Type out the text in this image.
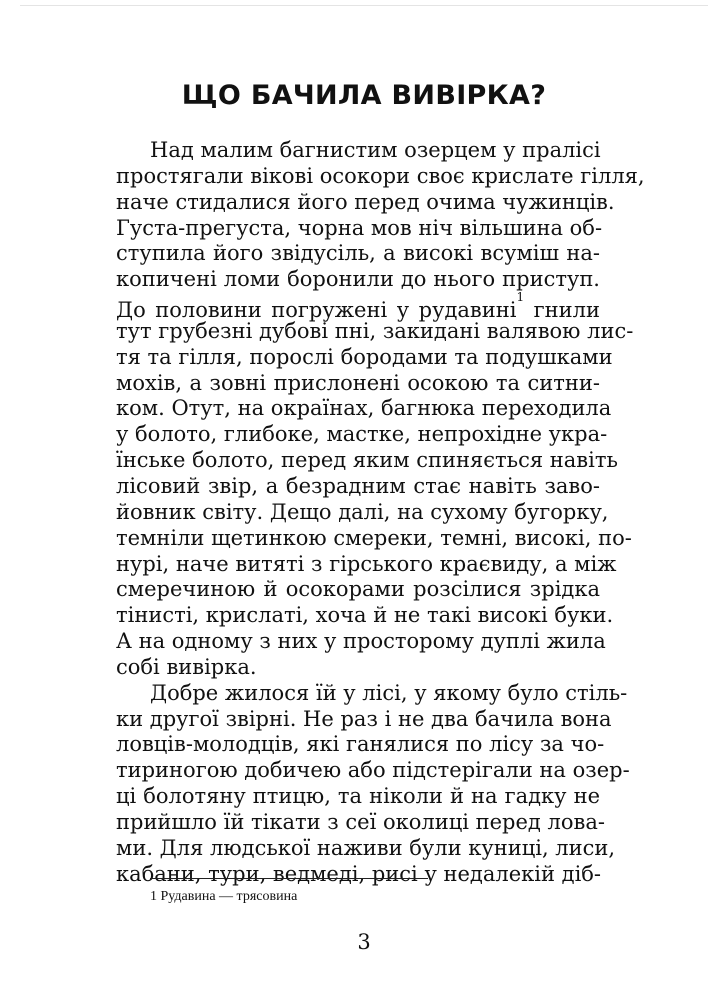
ЩО БАЧИЛА ВИВІРКА?
Над малим багнистим озерцем у пралісі
простягали вікові осокори своє крислате гілля,
наче стидалися його перед очима чужинців.
Густа-прегуста, чорна мов ніч вільшина об-
ступила його звідусіль, а високі всуміш на-
копичені ломи боронили до нього приступ.
До половини погружені у рудавині$^1$ гнили
тут грубезні дубові пні, закидані валявою лис-
тя та гілля, порослі бородами та подушками
мохів, а зовні прислонені осокою та ситни-
ком. Отут, на окраїнах, багнюка переходила
у болото, глибоке, мастке, непрохідне укра-
їнське болото, перед яким спиняється навіть
лісовий звір, а безрадним стає навіть заво-
йовник світу. Дещо далі, на сухому бугорку,
темніли щетинкою смереки, темні, високі, по-
нурі, наче витяті з гірського краєвиду, а між
смеречиною й осокорами розсілися зрідка
тінисті, крислаті, хоча й не такі високі буки.
А на одному з них у просторому дуплі жила
собі вивірка.
Добре жилося їй у лісі, у якому було стіль-
ки другої звірні. Не раз і не два бачила вона
ловців-молодців, які ганялися по лісу за чо-
тириногою добичею або підстерігали на озер-
ці болотяну птицю, та ніколи й на гадку не
прийшло їй тікати з сеї околиці перед лова-
ми. Для людської наживи були куниці, лиси,
кабани, тури, ведмеді, рисі у недалекій діб-
1 Рудавина — трясовина
3
